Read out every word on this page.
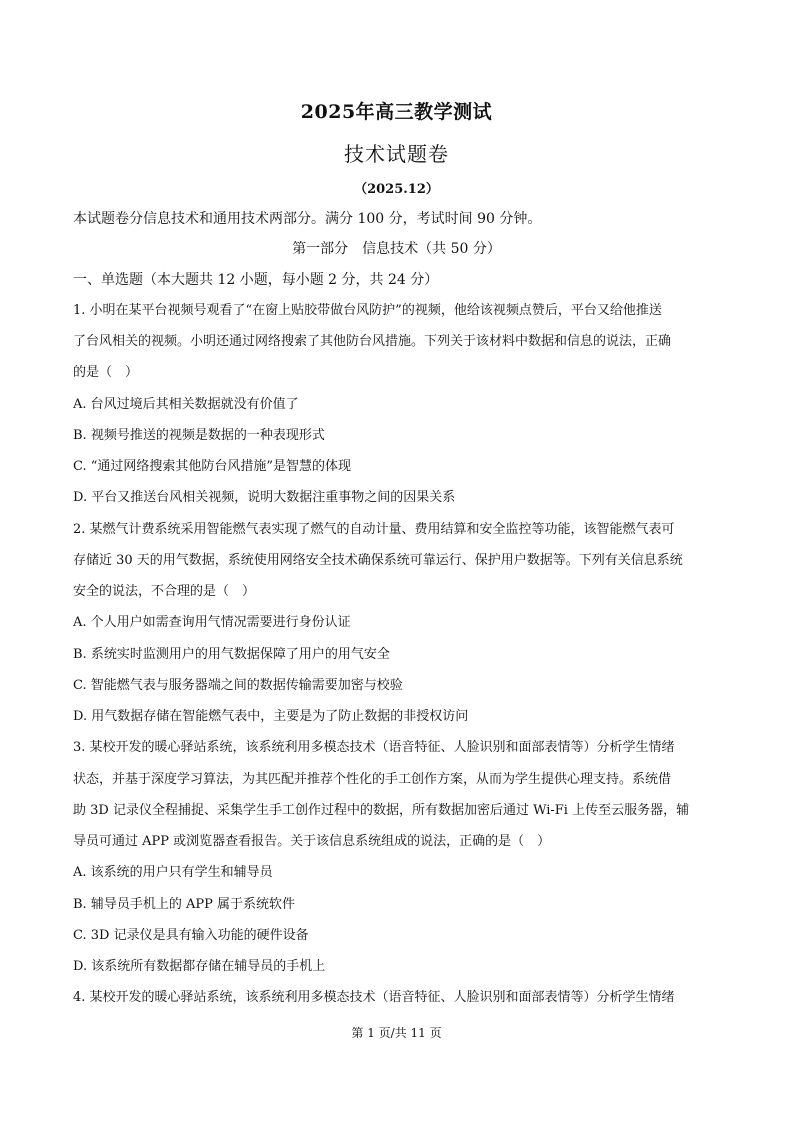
2025年高三教学测试
技术试题卷
（2025.12）
本试题卷分信息技术和通用技术两部分。满分 100 分，考试时间 90 分钟。
第一部分　信息技术（共 50 分）
一、单选题（本大题共 12 小题，每小题 2 分，共 24 分）
1. 小明在某平台视频号观看了“在窗上贴胶带做台风防护”的视频，他给该视频点赞后，平台又给他推送
了台风相关的视频。小明还通过网络搜索了其他防台风措施。下列关于该材料中数据和信息的说法，正确
的是（　）
A. 台风过境后其相关数据就没有价值了
B. 视频号推送的视频是数据的一种表现形式
C. “通过网络搜索其他防台风措施”是智慧的体现
D. 平台又推送台风相关视频，说明大数据注重事物之间的因果关系
2. 某燃气计费系统采用智能燃气表实现了燃气的自动计量、费用结算和安全监控等功能，该智能燃气表可
存储近 30 天的用气数据，系统使用网络安全技术确保系统可靠运行、保护用户数据等。下列有关信息系统
安全的说法，不合理的是（　）
A. 个人用户如需查询用气情况需要进行身份认证
B. 系统实时监测用户的用气数据保障了用户的用气安全
C. 智能燃气表与服务器端之间的数据传输需要加密与校验
D. 用气数据存储在智能燃气表中，主要是为了防止数据的非授权访问
3. 某校开发的暖心驿站系统，该系统利用多模态技术（语音特征、人脸识别和面部表情等）分析学生情绪
状态，并基于深度学习算法，为其匹配并推荐个性化的手工创作方案，从而为学生提供心理支持。系统借
助 3D 记录仪全程捕捉、采集学生手工创作过程中的数据，所有数据加密后通过 Wi-Fi 上传至云服务器，辅
导员可通过 APP 或浏览器查看报告。关于该信息系统组成的说法，正确的是（　）
A. 该系统的用户只有学生和辅导员
B. 辅导员手机上的 APP 属于系统软件
C. 3D 记录仪是具有输入功能的硬件设备
D. 该系统所有数据都存储在辅导员的手机上
4. 某校开发的暖心驿站系统，该系统利用多模态技术（语音特征、人脸识别和面部表情等）分析学生情绪
第 1 页/共 11 页
